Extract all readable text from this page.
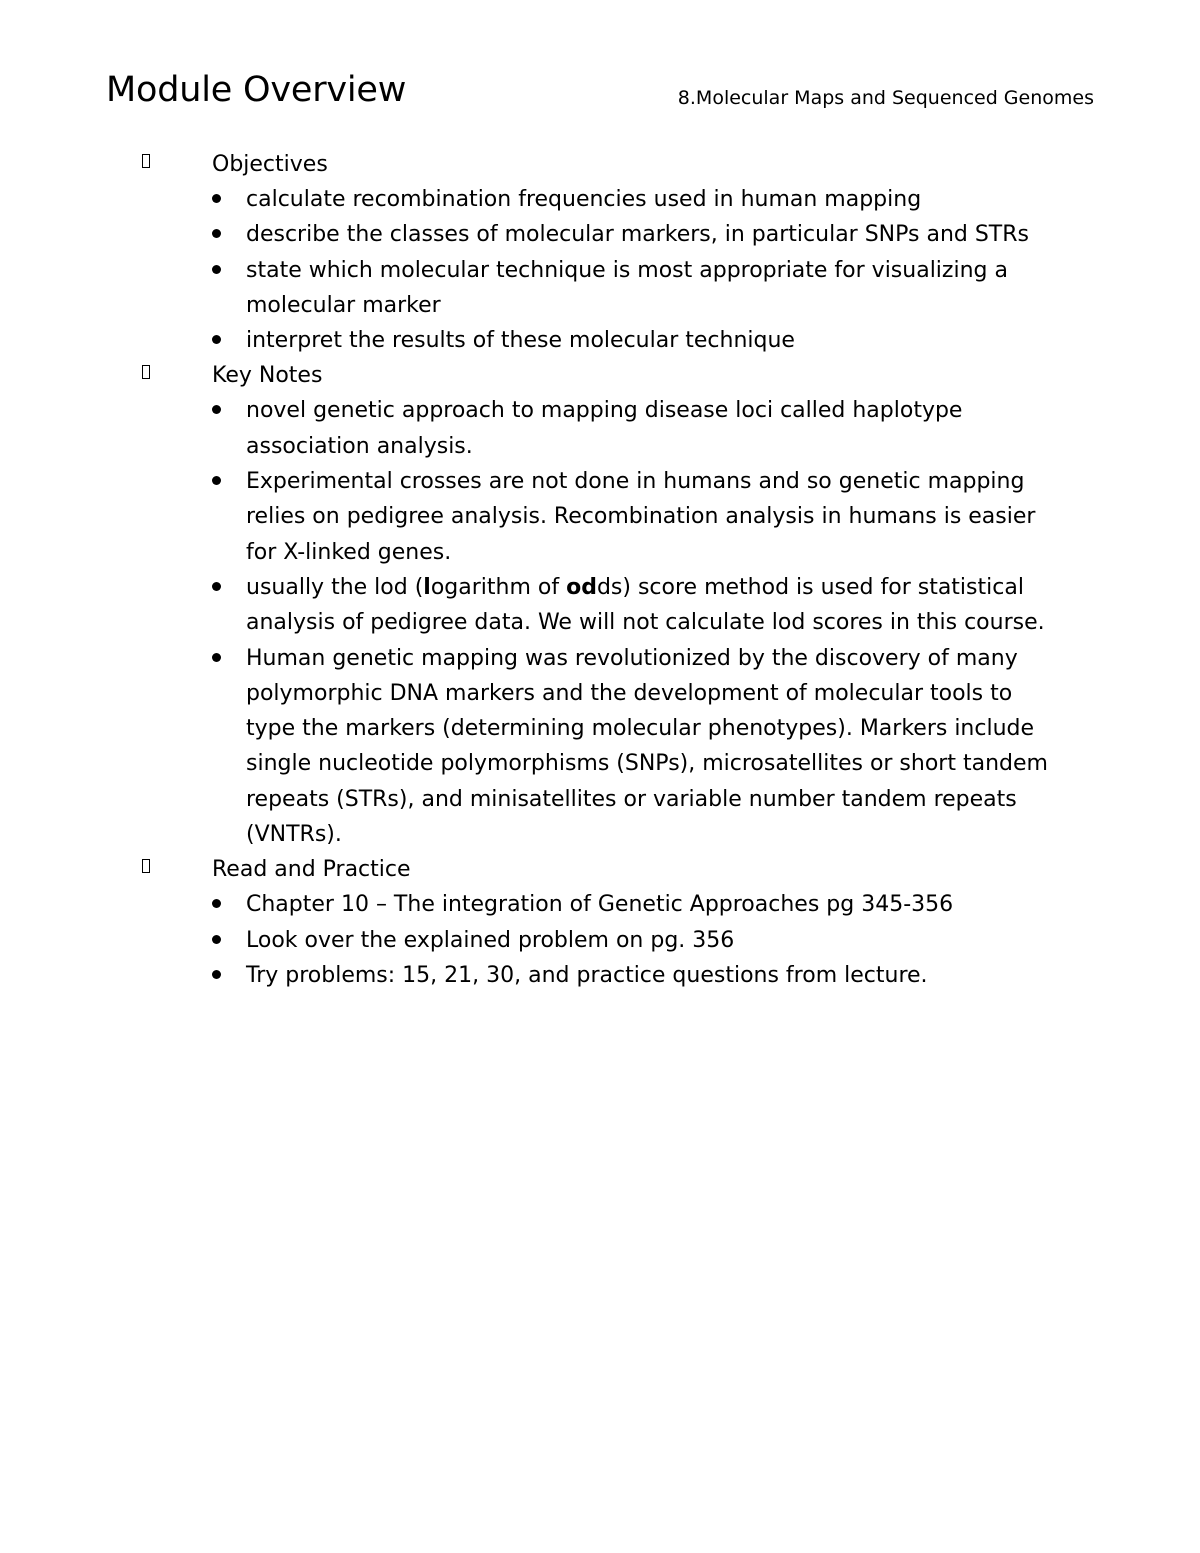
Module Overview	8.Molecular Maps and Sequenced Genomes
Objectives
calculate recombination frequencies used in human mapping
describe the classes of molecular markers, in particular SNPs and STRs
state which molecular technique is most appropriate for visualizing a molecular marker
interpret the results of these molecular technique
Key Notes
novel genetic approach to mapping disease loci called haplotype association analysis.
Experimental crosses are not done in humans and so genetic mapping relies on pedigree analysis. Recombination analysis in humans is easier for X-linked genes.
usually the lod (logarithm of odds) score method is used for statistical analysis of pedigree data. We will not calculate lod scores in this course.
Human genetic mapping was revolutionized by the discovery of many polymorphic DNA markers and the development of molecular tools to type the markers (determining molecular phenotypes). Markers include single nucleotide polymorphisms (SNPs), microsatellites or short tandem repeats (STRs), and minisatellites or variable number tandem repeats (VNTRs).
Read and Practice
Chapter 10 – The integration of Genetic Approaches pg 345-356
Look over the explained problem on pg. 356
Try problems: 15, 21, 30, and practice questions from lecture.
